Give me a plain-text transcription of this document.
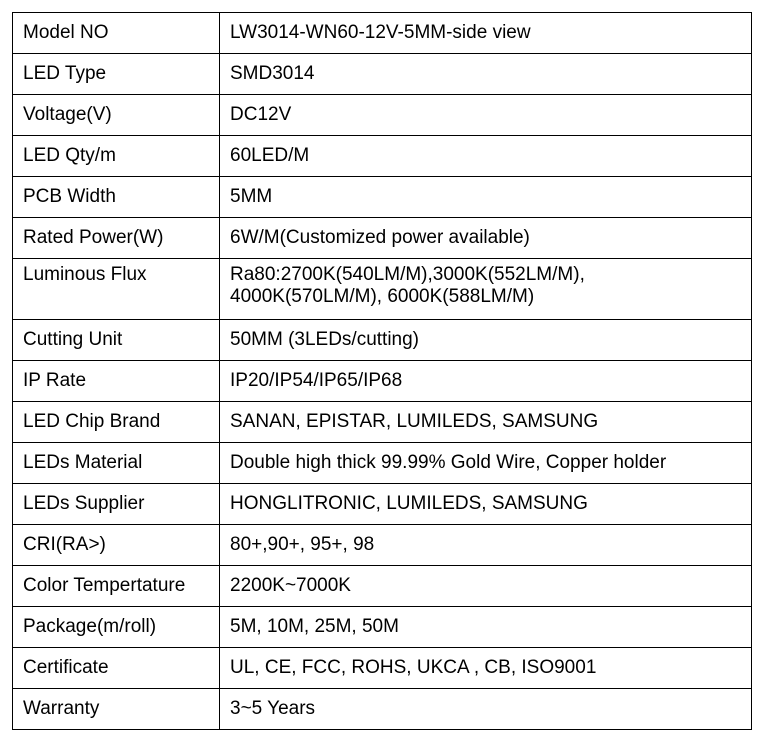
Model NO	LW3014-WN60-12V-5MM-side view

LED Type	SMD3014

Voltage(V)	DC12V

LED Qty/m	60LED/M

PCB Width	5MM

Rated Power(W)	6W/M(Customized power available)

Luminous Flux	Ra80:2700K(540LM/M),3000K(552LM/M),
4000K(570LM/M), 6000K(588LM/M)

Cutting Unit	50MM (3LEDs/cutting)

IP Rate	IP20/IP54/IP65/IP68

LED Chip Brand	SANAN, EPISTAR, LUMILEDS, SAMSUNG

LEDs Material	Double high thick 99.99% Gold Wire, Copper holder

LEDs Supplier	HONGLITRONIC, LUMILEDS, SAMSUNG

CRI(RA>)	80+,90+, 95+, 98

Color Tempertature	2200K~7000K

Package(m/roll)	5M, 10M, 25M, 50M

Certificate	UL, CE, FCC, ROHS, UKCA , CB, ISO9001

Warranty	3~5 Years
